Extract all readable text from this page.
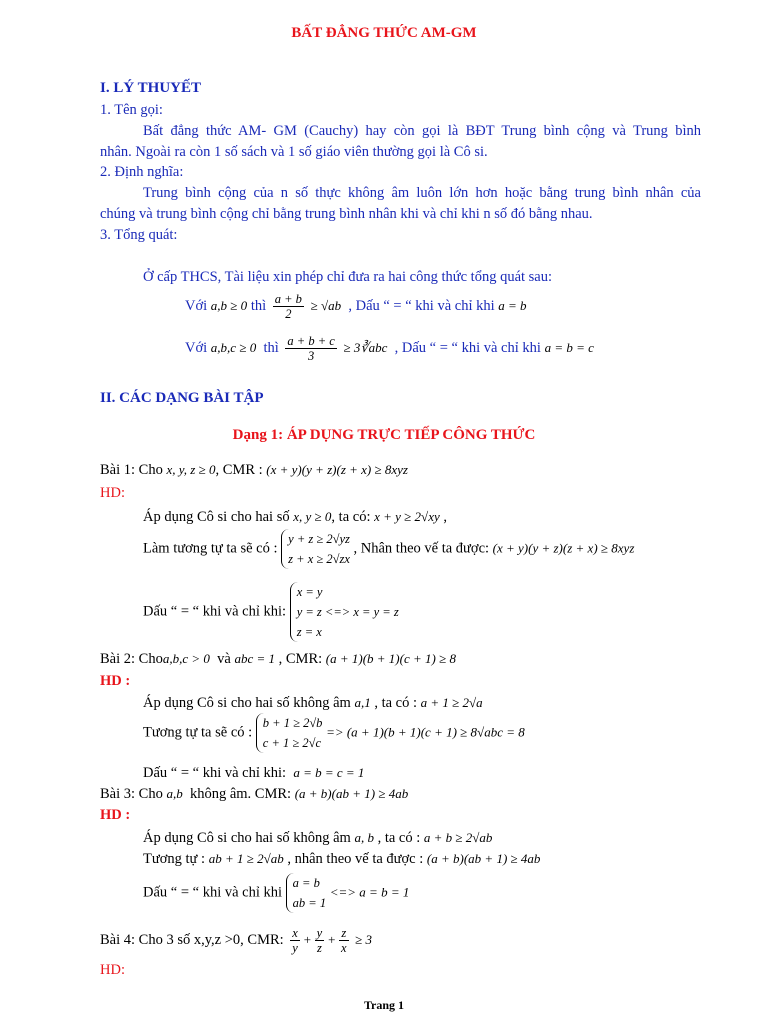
BẤT ĐẲNG THỨC AM-GM
I. LÝ THUYẾT
1. Tên gọi:
Bất đẳng thức AM- GM (Cauchy) hay còn gọi là BĐT Trung bình cộng và Trung bình
nhân. Ngoài ra còn 1 số sách và 1 số giáo viên thường gọi là Cô si.
2. Định nghĩa:
Trung bình cộng của n số thực không âm luôn lớn hơn hoặc bằng trung bình nhân của
chúng và trung bình cộng chỉ bằng trung bình nhân khi và chỉ khi n số đó bằng nhau.
3. Tổng quát:
Ở cấp THCS, Tài liệu xin phép chỉ đưa ra hai công thức tổng quát sau:
Với a,b ≥ 0 thì $\frac{a + b}{2} \ge √ab$ , Dấu “ = “ khi và chỉ khi a = b
Với a,b,c ≥ 0 thì $\frac{a + b + c}{3}$ ≥ 3∛abc , Dấu “ = “ khi và chỉ khi a = b = c
II. CÁC DẠNG BÀI TẬP
Dạng 1: ÁP DỤNG TRỰC TIẾP CÔNG THỨC
Bài 1: Cho x, y, z ≥ 0, CMR : (x + y)(y + z)(z + x) ≥ 8xyz
HD:
Áp dụng Cô si cho hai số x, y ≥ 0, ta có: x + y ≥ 2√xy ,
Làm tương tự ta sẽ có :
y + z ≥ 2√yz
z + x ≥ 2√zx
, Nhân theo vế ta được: (x + y)(y + z)(z + x) ≥ 8xyz
Dấu “ = “ khi và chỉ khi:
x = y
y = z <=> x = y = z
z = x
Bài 2: Choa,b,c > 0 và abc = 1 , CMR: (a + 1)(b + 1)(c + 1) ≥ 8
HD :
Áp dụng Cô si cho hai số không âm a,1 , ta có : a + 1 ≥ 2√a
Tương tự ta sẽ có :
b + 1 ≥ 2√b
c + 1 ≥ 2√c
=> (a + 1)(b + 1)(c + 1) ≥ 8√abc = 8
Dấu “ = “ khi và chỉ khi: a = b = c = 1
Bài 3: Cho a,b không âm. CMR: (a + b)(ab + 1) ≥ 4ab
HD :
Áp dụng Cô si cho hai số không âm a, b , ta có : a + b ≥ 2√ab
Tương tự : ab + 1 ≥ 2√ab , nhân theo vế ta được : (a + b)(ab + 1) ≥ 4ab
Dấu “ = “ khi và chỉ khi
a = b
ab = 1
<=> a = b = 1
Bài 4: Cho 3 số x,y,z >0, CMR: $\frac{x}{y} + \frac{y}{z} + \frac{z}{x} \ge 3$
HD:
Trang 1
